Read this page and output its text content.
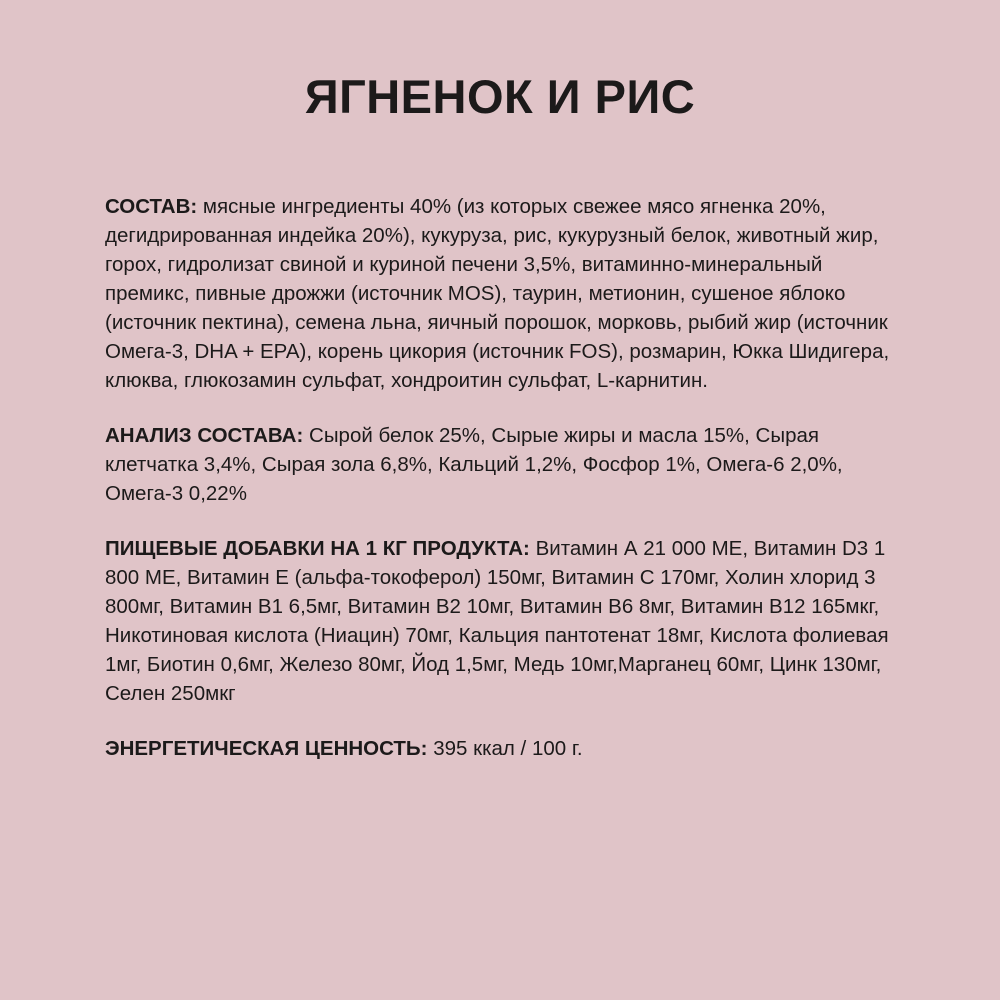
ЯГНЕНОК И РИС

СОСТАВ: мясные ингредиенты 40% (из которых свежее мясо ягненка 20%, дегидрированная индейка 20%), кукуруза, рис, кукурузный белок, животный жир, горох, гидролизат свиной и куриной печени 3,5%, витаминно-минеральный премикс, пивные дрожжи (источник MOS), таурин, метионин, сушеное яблоко (источник пектина), семена льна, яичный порошок, морковь, рыбий жир (источник Омега-3, DHA + EPA), корень цикория (источник FOS), розмарин, Юкка Шидигера, клюква, глюкозамин сульфат, хондроитин сульфат, L-карнитин.

АНАЛИЗ СОСТАВА: Сырой белок 25%, Сырые жиры и масла 15%, Сырая клетчатка 3,4%, Сырая зола 6,8%, Кальций 1,2%, Фосфор 1%, Омега-6 2,0%, Омега-3 0,22%

ПИЩЕВЫЕ ДОБАВКИ НА 1 КГ ПРОДУКТА: Витамин А 21 000 МЕ, Витамин D3 1 800 МЕ, Витамин Е (альфа-токоферол) 150мг, Витамин С 170мг, Холин хлорид 3 800мг, Витамин В1 6,5мг, Витамин В2 10мг, Витамин В6 8мг, Витамин В12 165мкг, Никотиновая кислота (Ниацин) 70мг, Кальция пантотенат 18мг, Кислота фолиевая 1мг, Биотин 0,6мг, Железо 80мг, Йод 1,5мг, Медь 10мг,Марганец 60мг, Цинк 130мг, Селен 250мкг

ЭНЕРГЕТИЧЕСКАЯ ЦЕННОСТЬ: 395 ккал / 100 г.
